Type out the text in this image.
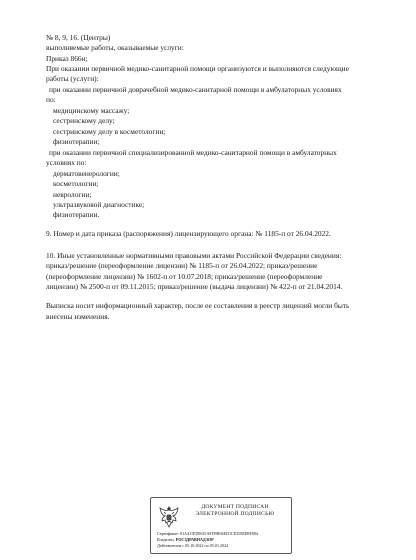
№ 8, 9, 16. (Центры)

выполняемые работы, оказываемые услуги:

Приказ 866н;

При оказании первичной медико-санитарной помощи организуются и выполняются следующие

работы (услуги):

при оказании первичной доврачебной медико-санитарной помощи в амбулаторных условиях

по:

медицинскому массажу;

сестринскому делу;

сестринскому делу в косметологии;

физиотерапии;

при оказании первичной специализированной медико-санитарной помощи в амбулаторных

условиях по:

дерматовенерологии;

косметологии;

неврологии;

ультразвуковой диагностике;

физиотерапии.

9. Номер и дата приказа (распоряжения) лицензирующего органа: № 1185-п от 26.04.2022.

10. Иные установленные нормативными правовыми актами Российской Федерации сведения:

приказ/решение (переоформление лицензии) № 1185-п от 26.04.2022; приказ/решение

(переоформление лицензии) № 1602-п от 10.07.2018; приказ/решение (переоформление

лицензии) № 2500-п от 09.11.2015; приказ/решение (выдача лицензии) № 422-п от 21.04.2014.

Выписка носит информационный характер, после ее составления в реестр лицензий могли быть

внесены изменения.

ДОКУМЕНТ ПОДПИСАН
ЭЛЕКТРОННОЙ ПОДПИСЬЮ
Сертификат: 01A411FD0025AFD9B94ED1CE5058D8F884
Владелец: РОСЗДРАВНАДЗОР
Действителен с 05.10.2022 по 05.01.2024
